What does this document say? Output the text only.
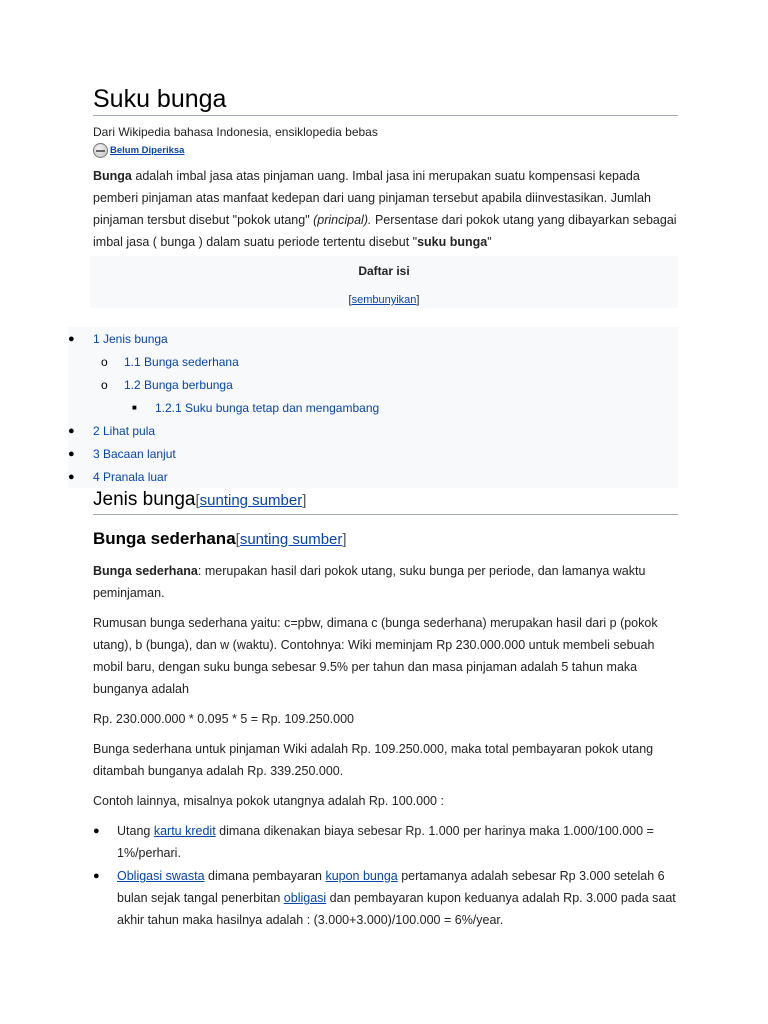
Suku bunga
Dari Wikipedia bahasa Indonesia, ensiklopedia bebas
Belum Diperiksa

Bunga adalah imbal jasa atas pinjaman uang. Imbal jasa ini merupakan suatu kompensasi kepada pemberi pinjaman atas manfaat kedepan dari uang pinjaman tersebut apabila diinvestasikan. Jumlah pinjaman tersbut disebut "pokok utang" (principal). Persentase dari pokok utang yang dibayarkan sebagai imbal jasa ( bunga ) dalam suatu periode tertentu disebut "suku bunga"

Daftar isi
[sembunyikan]
● 1 Jenis bunga
o 1.1 Bunga sederhana
o 1.2 Bunga berbunga
■ 1.2.1 Suku bunga tetap dan mengambang
● 2 Lihat pula
● 3 Bacaan lanjut
● 4 Pranala luar
Jenis bunga[sunting sumber]
Bunga sederhana[sunting sumber]

Bunga sederhana: merupakan hasil dari pokok utang, suku bunga per periode, dan lamanya waktu peminjaman.

Rumusan bunga sederhana yaitu: c=pbw, dimana c (bunga sederhana) merupakan hasil dari p (pokok utang), b (bunga), dan w (waktu). Contohnya: Wiki meminjam Rp 230.000.000 untuk membeli sebuah mobil baru, dengan suku bunga sebesar 9.5% per tahun dan masa pinjaman adalah 5 tahun maka bunganya adalah

Rp. 230.000.000 * 0.095 * 5 = Rp. 109.250.000

Bunga sederhana untuk pinjaman Wiki adalah Rp. 109.250.000, maka total pembayaran pokok utang ditambah bunganya adalah Rp. 339.250.000.

Contoh lainnya, misalnya pokok utangnya adalah Rp. 100.000 :

● Utang kartu kredit dimana dikenakan biaya sebesar Rp. 1.000 per harinya maka 1.000/100.000 = 1%/perhari.
● Obligasi swasta dimana pembayaran kupon bunga pertamanya adalah sebesar Rp 3.000 setelah 6 bulan sejak tangal penerbitan obligasi dan pembayaran kupon keduanya adalah Rp. 3.000 pada saat akhir tahun maka hasilnya adalah : (3.000+3.000)/100.000 = 6%/year.
